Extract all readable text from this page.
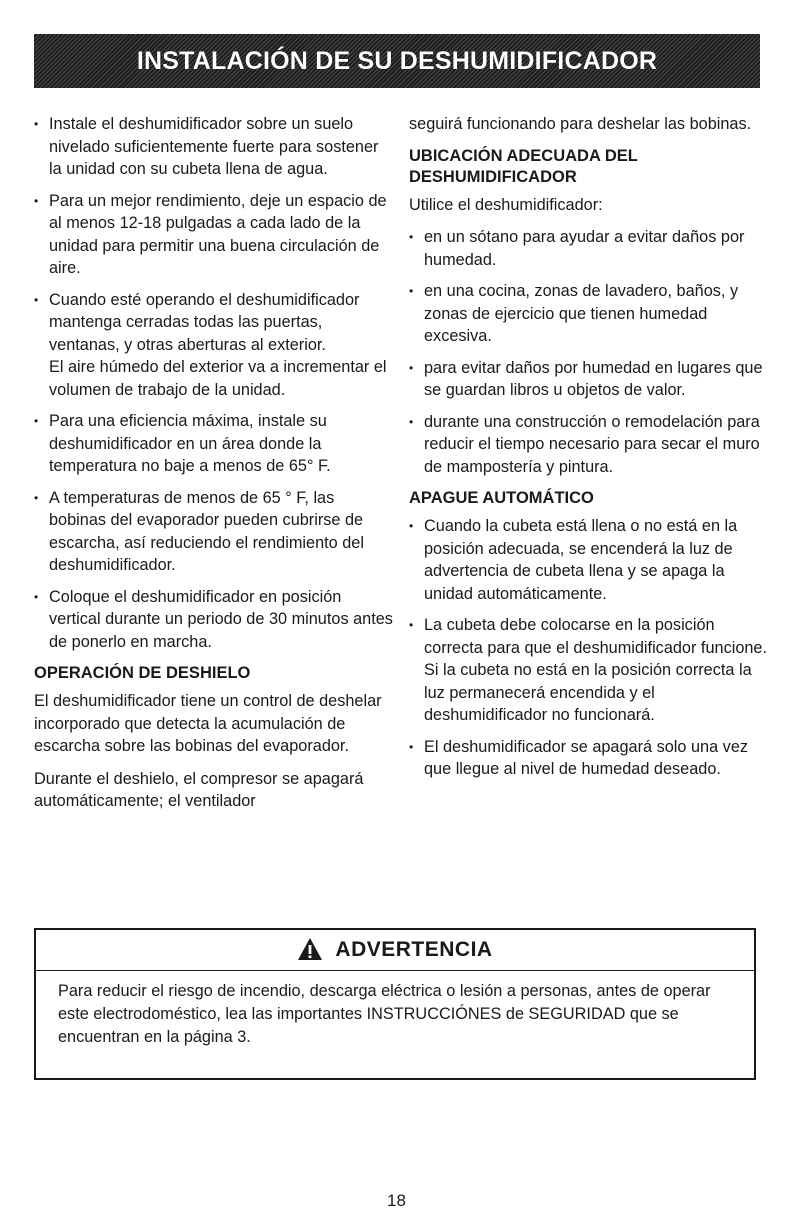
INSTALACIÓN DE SU DESHUMIDIFICADOR
• Instale el deshumidificador sobre un suelo nivelado suficientemente fuerte para sostener la unidad con su cubeta llena de agua.
• Para un mejor rendimiento, deje un espacio de al menos 12-18 pulgadas a cada lado de la unidad para permitir una buena circulación de aire.
• Cuando esté operando el deshumidificador mantenga cerradas todas las puertas, ventanas, y otras aberturas al exterior.
El aire húmedo del exterior va a incrementar el volumen de trabajo de la unidad.
• Para una eficiencia máxima, instale su deshumidificador en un área donde la temperatura no baje a menos de 65° F.
• A temperaturas de menos de 65 ° F, las bobinas del evaporador pueden cubrirse de escarcha, así reduciendo el rendimiento del deshumidificador.
• Coloque el deshumidificador en posición vertical durante un periodo de 30 minutos antes de ponerlo en marcha.
OPERACIÓN DE DESHIELO

El deshumidificador tiene un control de deshelar incorporado que detecta la acumulación de escarcha sobre las bobinas del evaporador.

Durante el deshielo, el compresor se apagará automáticamente; el ventilador

seguirá funcionando para deshelar las bobinas.

UBICACIÓN ADECUADA DEL DESHUMIDIFICADOR

Utilice el deshumidificador:

• en un sótano para ayudar a evitar daños por humedad.
• en una cocina, zonas de lavadero, baños, y zonas de ejercicio que tienen humedad excesiva.
• para evitar daños por humedad en lugares que se guardan libros u objetos de valor.
• durante una construcción o remodelación para reducir el tiempo necesario para secar el muro de mampostería y pintura.
APAGUE AUTOMÁTICO
• Cuando la cubeta está llena o no está en la posición adecuada, se encenderá la luz de advertencia de cubeta llena y se apaga la unidad automáticamente.
• La cubeta debe colocarse en la posición correcta para que el deshumidificador funcione. Si la cubeta no está en la posición correcta la luz permanecerá encendida y el deshumidificador no funcionará.
• El deshumidificador se apagará solo una vez que llegue al nivel de humedad deseado.
ADVERTENCIA
Para reducir el riesgo de incendio, descarga eléctrica o lesión a personas, antes de operar este electrodoméstico, lea las importantes INSTRUCCIÓNES de SEGURIDAD que se encuentran en la página 3.
18
